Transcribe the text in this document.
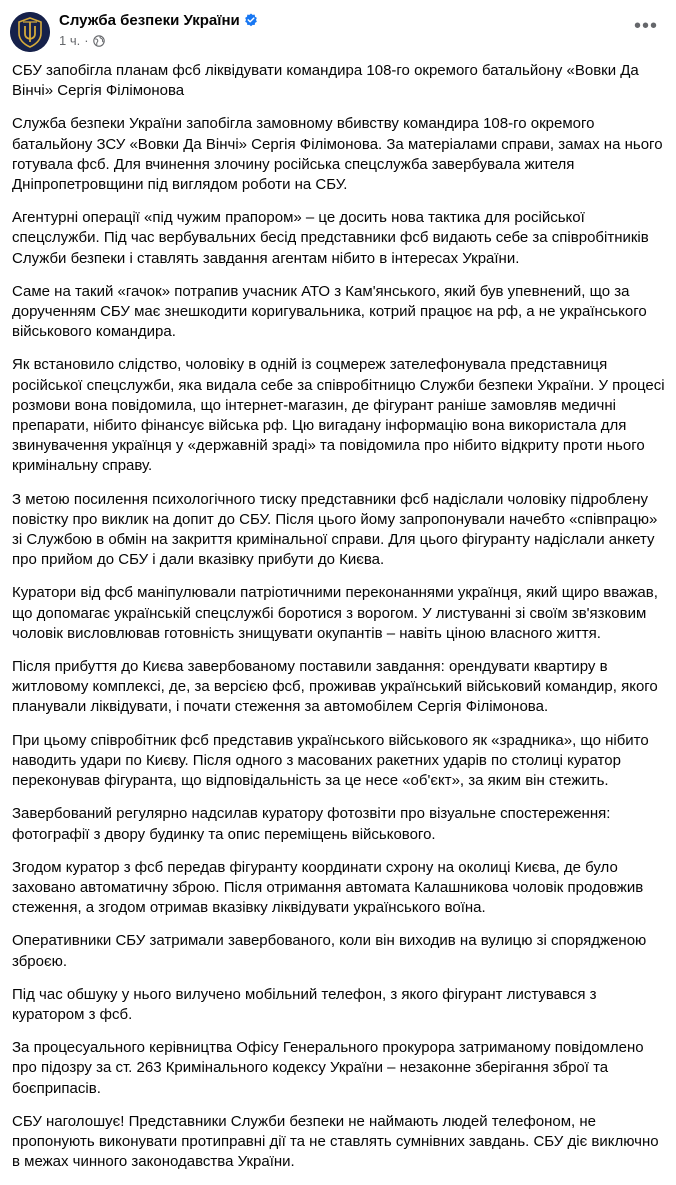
Служба безпеки України
1 ч. ·
•••

СБУ запобігла планам фсб ліквідувати командира 108-го окремого батальйону «Вовки Да Вінчі» Сергія Філімонова

Служба безпеки України запобігла замовному вбивству командира 108-го окремого батальйону ЗСУ «Вовки Да Вінчі» Сергія Філімонова. За матеріалами справи, замах на нього готувала фсб. Для вчинення злочину російська спецслужба завербувала жителя Дніпропетровщини під виглядом роботи на СБУ.

Агентурні операції «під чужим прапором» – це досить нова тактика для російської спецслужби. Під час вербувальних бесід представники фсб видають себе за співробітників Служби безпеки і ставлять завдання агентам нібито в інтересах України.

Саме на такий «гачок» потрапив учасник АТО з Кам'янського, який був упевнений, що за дорученням СБУ має знешкодити коригувальника, котрий працює на рф, а не українського військового командира.

Як встановило слідство, чоловіку в одній із соцмереж зателефонувала представниця російської спецслужби, яка видала себе за співробітницю Служби безпеки України. У процесі розмови вона повідомила, що інтернет-магазин, де фігурант раніше замовляв медичні препарати, нібито фінансує війська рф. Цю вигадану інформацію вона використала для звинувачення українця у «державній зраді» та повідомила про нібито відкриту проти нього кримінальну справу.

З метою посилення психологічного тиску представники фсб надіслали чоловіку підроблену повістку про виклик на допит до СБУ. Після цього йому запропонували начебто «співпрацю» зі Службою в обмін на закриття кримінальної справи. Для цього фігуранту надіслали анкету про прийом до СБУ і дали вказівку прибути до Києва.

Куратори від фсб маніпулювали патріотичними переконаннями українця, який щиро вважав, що допомагає українській спецслужбі боротися з ворогом. У листуванні зі своїм зв'язковим чоловік висловлював готовність знищувати окупантів – навіть ціною власного життя.

Після прибуття до Києва завербованому поставили завдання: орендувати квартиру в житловому комплексі, де, за версією фсб, проживав український військовий командир, якого планували ліквідувати, і почати стеження за автомобілем Сергія Філімонова.

При цьому співробітник фсб представив українського військового як «зрадника», що нібито наводить удари по Києву. Після одного з масованих ракетних ударів по столиці куратор переконував фігуранта, що відповідальність за це несе «об'єкт», за яким він стежить.

Завербований регулярно надсилав куратору фотозвіти про візуальне спостереження: фотографії з двору будинку та опис переміщень військового.

Згодом куратор з фсб передав фігуранту координати схрону на околиці Києва, де було заховано автоматичну зброю. Після отримання автомата Калашникова чоловік продовжив стеження, а згодом отримав вказівку ліквідувати українського воїна.

Оперативники СБУ затримали завербованого, коли він виходив на вулицю зі спорядженою зброєю.

Під час обшуку у нього вилучено мобільний телефон, з якого фігурант листувався з куратором з фсб.

За процесуального керівництва Офісу Генерального прокурора затриманому повідомлено про підозру за ст. 263 Кримінального кодексу України – незаконне зберігання зброї та боєприпасів.

СБУ наголошує! Представники Служби безпеки не наймають людей телефоном, не пропонують виконувати протиправні дії та не ставлять сумнівних завдань. СБУ діє виключно в межах чинного законодавства України.
